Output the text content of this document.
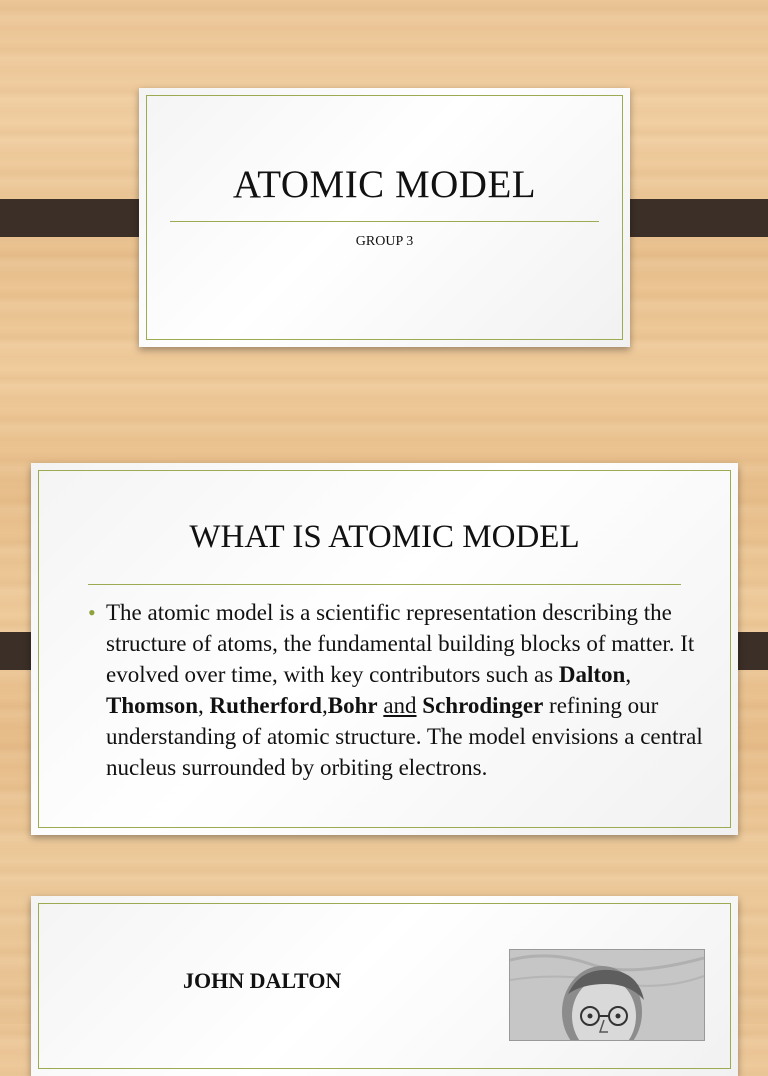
ATOMIC MODEL
GROUP 3
WHAT IS ATOMIC MODEL
• The atomic model is a scientific representation describing the structure of atoms, the fundamental building blocks of matter. It evolved over time, with key contributors such as Dalton, Thomson, Rutherford,Bohr and Schrodinger refining our understanding of atomic structure. The model envisions a central nucleus surrounded by orbiting electrons.
JOHN DALTON
